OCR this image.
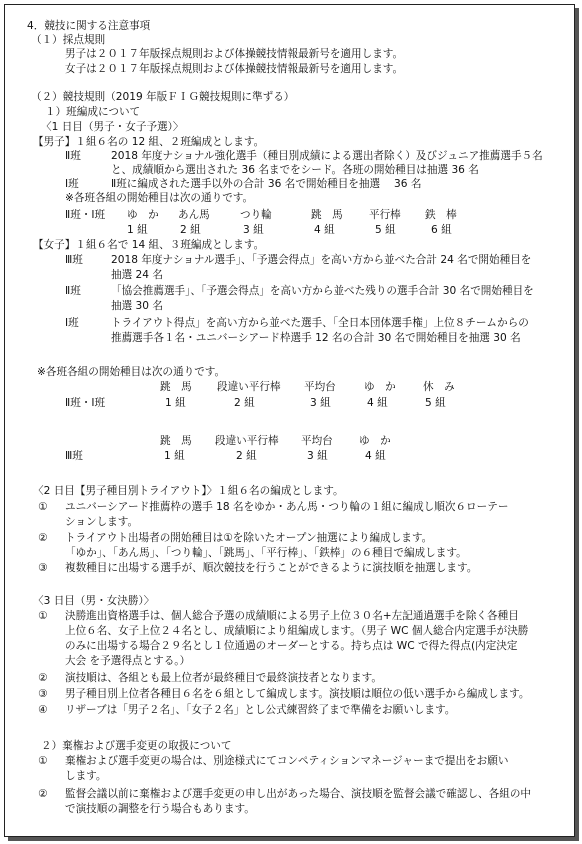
4．競技に関する注意事項
（１）採点規則
男子は２０１７年版採点規則および体操競技情報最新号を適用します。
女子は２０１７年版採点規則および体操競技情報最新号を適用します。
（２）競技規則（2019 年版ＦＩＧ競技規則に準ずる）
１）班編成について
〈1 日目（男子・女子予選）〉
【男子】１組６名の 12 組、２班編成とします。
Ⅱ班	2018 年度ナショナル強化選手（種目別成績による選出者除く）及びジュニア推薦選手５名
と、成績順から選出された 36 名までをシード。各班の開始種目は抽選 36 名
Ⅰ班	Ⅱ班に編成された選手以外の合計 36 名で開始種目を抽選　 36 名
※各班各組の開始種目は次の通りです。
Ⅱ班・Ⅰ班 ゆ　か あん馬	つり輪	跳　馬 平行棒 鉄　棒
1 組	2 組	3 組	4 組	5 組	6 組
【女子】１組６名で 14 組、３班編成とします。
Ⅲ班	2018 年度ナショナル選手」、「予選会得点」を高い方から並べた合計 24 名で開始種目を
抽選 24 名
Ⅱ班	「協会推薦選手」、「予選会得点」を高い方から並べた残りの選手合計 30 名で開始種目を
抽選 30 名
Ⅰ班	トライアウト得点」を高い方から並べた選手、「全日本団体選手権」上位８チームからの
推薦選手各１名・ユニバーシアード枠選手 12 名の合計 30 名で開始種目を抽選 30 名
※各班各組の開始種目は次の通りです。
跳　馬 段違い平行棒 平均台	ゆ　か	休　み
Ⅱ班・Ⅰ班	1 組	2 組	3 組	4 組	5 組
跳　馬 段違い平行棒 平均台 ゆ　か
Ⅲ班	1 組	2 組	3 組	4 組
〈2 日目【男子種目別トライアウト】〉１組６名の編成とします。
① ユニバーシアード推薦枠の選手 18 名をゆか・あん馬・つり輪の１組に編成し順次６ローテー
ションします。
② トライアウト出場者の開始種目は①を除いたオープン抽選により編成します。
「ゆか」、「あん馬」、「つり輪」、「跳馬」、「平行棒」、「鉄棒」の６種目で編成します。
③ 複数種目に出場する選手が、順次競技を行うことができるように演技順を抽選します。
〈3 日目（男・女決勝）〉
① 決勝進出資格選手は、個人総合予選の成績順による男子上位３０名+左記通過選手を除く各種目
上位６名、女子上位２４名とし、成績順により組編成します。（男子 WC 個人総合内定選手が決勝
のみに出場する場合２９名とし１位通過のオーダーとする。持ち点は WC で得た得点(内定決定
大会 を予選得点とする。）
② 演技順は、各組とも最上位者が最終種目で最終演技者となります。
③ 男子種目別上位者各種目６名を６組として編成します。演技順は順位の低い選手から編成します。
④ リザーブは「男子２名」、「女子２名」とし公式練習終了まで準備をお願いします。
２）棄権および選手変更の取扱について
① 棄権および選手変更の場合は、別途様式にてコンペティションマネージャーまで提出をお願い
します。
② 監督会議以前に棄権および選手変更の申し出があった場合、演技順を監督会議で確認し、各組の中
で演技順の調整を行う場合もあります。
